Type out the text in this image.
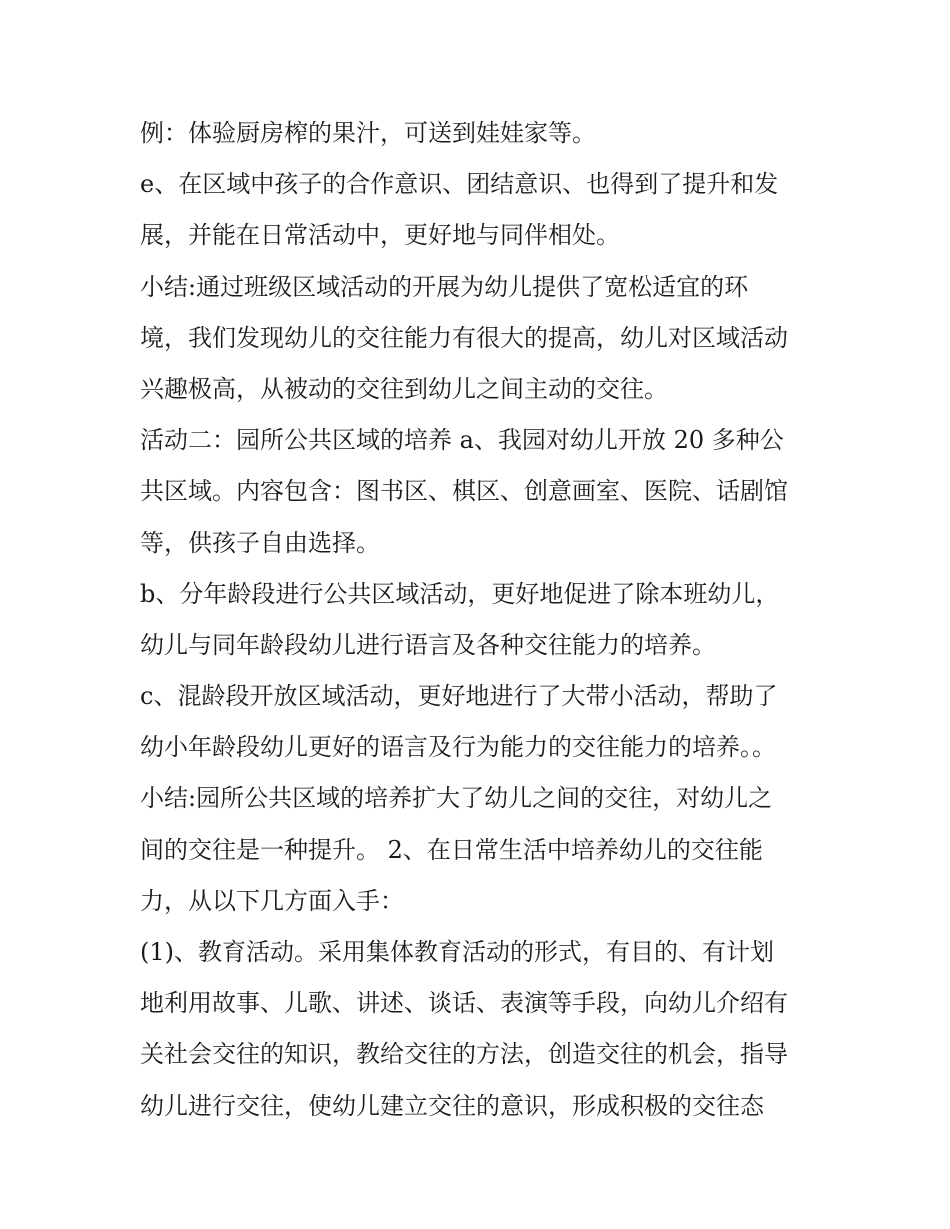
例：体验厨房榨的果汁，可送到娃娃家等。
e、在区域中孩子的合作意识、团结意识、也得到了提升和发
展，并能在日常活动中，更好地与同伴相处。
小结:通过班级区域活动的开展为幼儿提供了宽松适宜的环
境，我们发现幼儿的交往能力有很大的提高，幼儿对区域活动
兴趣极高，从被动的交往到幼儿之间主动的交往。
活动二：园所公共区域的培养 a、我园对幼儿开放 20 多种公
共区域。内容包含：图书区、棋区、创意画室、医院、话剧馆
等，供孩子自由选择。
b、分年龄段进行公共区域活动，更好地促进了除本班幼儿，
幼儿与同年龄段幼儿进行语言及各种交往能力的培养。
c、混龄段开放区域活动，更好地进行了大带小活动，帮助了
幼小年龄段幼儿更好的语言及行为能力的交往能力的培养。。
小结:园所公共区域的培养扩大了幼儿之间的交往，对幼儿之
间的交往是一种提升。 2、在日常生活中培养幼儿的交往能
力，从以下几方面入手：
(1)、教育活动。采用集体教育活动的形式，有目的、有计划
地利用故事、儿歌、讲述、谈话、表演等手段，向幼儿介绍有
关社会交往的知识，教给交往的方法，创造交往的机会，指导
幼儿进行交往，使幼儿建立交往的意识，形成积极的交往态
